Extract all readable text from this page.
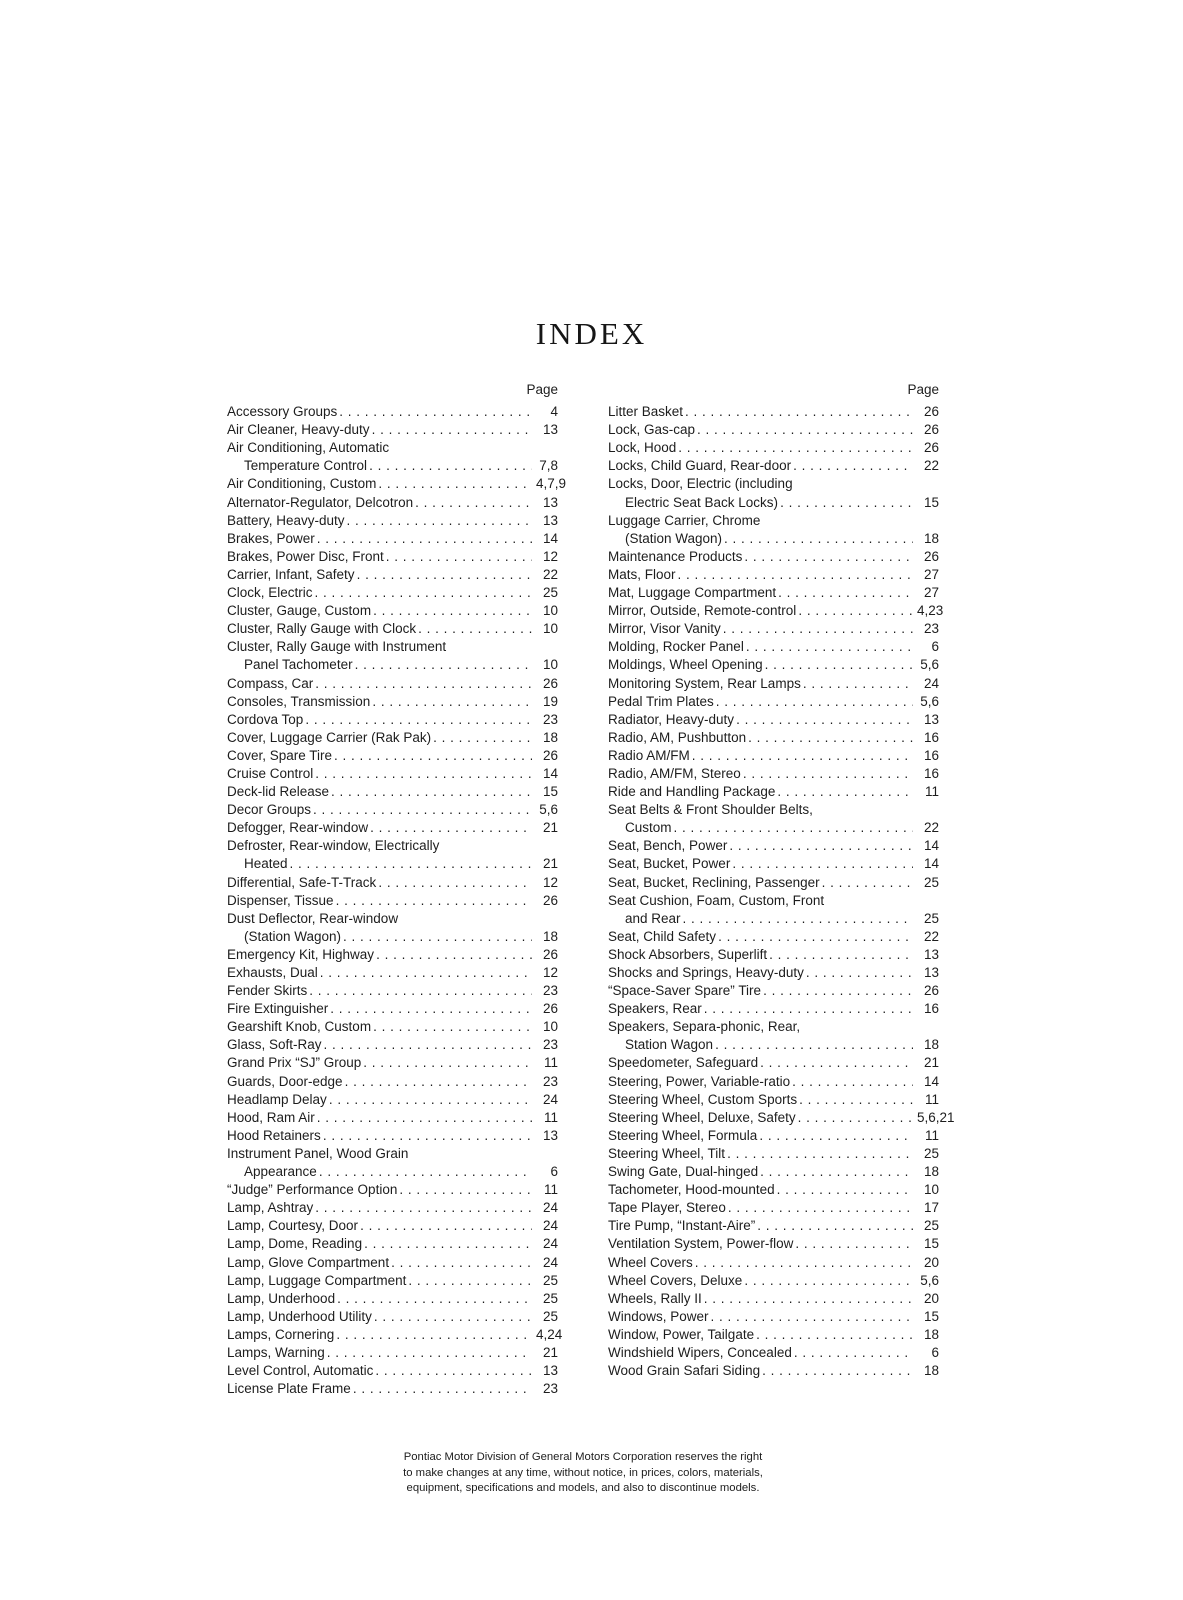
INDEX
Page
Accessory Groups . . .	4
Air Cleaner, Heavy-duty . . .	13
Air Conditioning, Automatic
Temperature Control . . .	7,8
Air Conditioning, Custom . . .	4,7,9
Alternator-Regulator, Delcotron . . .	13
Battery, Heavy-duty . . .	13
Brakes, Power . . .	14
Brakes, Power Disc, Front . . .	12
Carrier, Infant, Safety . . .	22
Clock, Electric . . .	25
Cluster, Gauge, Custom . . .	10
Cluster, Rally Gauge with Clock . . .	10
Cluster, Rally Gauge with Instrument
Panel Tachometer . . .	10
Compass, Car . . .	26
Consoles, Transmission . . .	19
Cordova Top . . .	23
Cover, Luggage Carrier (Rak Pak) . . .	18
Cover, Spare Tire . . .	26
Cruise Control . . .	14
Deck-lid Release . . .	15
Decor Groups . . .	5,6
Defogger, Rear-window . . .	21
Defroster, Rear-window, Electrically
Heated . . .	21
Differential, Safe-T-Track . . .	12
Dispenser, Tissue . . .	26
Dust Deflector, Rear-window
(Station Wagon) . . .	18
Emergency Kit, Highway . . .	26
Exhausts, Dual . . .	12
Fender Skirts . . .	23
Fire Extinguisher . . .	26
Gearshift Knob, Custom . . .	10
Glass, Soft-Ray . . .	23
Grand Prix “SJ” Group . . .	11
Guards, Door-edge . . .	23
Headlamp Delay . . .	24
Hood, Ram Air . . .	11
Hood Retainers . . .	13
Instrument Panel, Wood Grain
Appearance . . .	6
“Judge” Performance Option . . .	11
Lamp, Ashtray . . .	24
Lamp, Courtesy, Door . . .	24
Lamp, Dome, Reading . . .	24
Lamp, Glove Compartment . . .	24
Lamp, Luggage Compartment . . .	25
Lamp, Underhood . . .	25
Lamp, Underhood Utility . . .	25
Lamps, Cornering . . .	4,24
Lamps, Warning . . .	21
Level Control, Automatic . . .	13
License Plate Frame . . .	23
Page
Litter Basket . . .	26
Lock, Gas-cap . . .	26
Lock, Hood . . .	26
Locks, Child Guard, Rear-door . . .	22
Locks, Door, Electric (including
Electric Seat Back Locks) . . .	15
Luggage Carrier, Chrome
(Station Wagon) . . .	18
Maintenance Products . . .	26
Mats, Floor . . .	27
Mat, Luggage Compartment . . .	27
Mirror, Outside, Remote-control . . .	4,23
Mirror, Visor Vanity . . .	23
Molding, Rocker Panel . . .	6
Moldings, Wheel Opening . . .	5,6
Monitoring System, Rear Lamps . . .	24
Pedal Trim Plates . . .	5,6
Radiator, Heavy-duty . . .	13
Radio, AM, Pushbutton . . .	16
Radio AM/FM . . .	16
Radio, AM/FM, Stereo . . .	16
Ride and Handling Package . . .	11
Seat Belts & Front Shoulder Belts,
Custom . . .	22
Seat, Bench, Power . . .	14
Seat, Bucket, Power . . .	14
Seat, Bucket, Reclining, Passenger . . .	25
Seat Cushion, Foam, Custom, Front
and Rear . . .	25
Seat, Child Safety . . .	22
Shock Absorbers, Superlift . . .	13
Shocks and Springs, Heavy-duty . . .	13
“Space-Saver Spare” Tire . . .	26
Speakers, Rear . . .	16
Speakers, Separa-phonic, Rear,
Station Wagon . . .	18
Speedometer, Safeguard . . .	21
Steering, Power, Variable-ratio . . .	14
Steering Wheel, Custom Sports . . .	11
Steering Wheel, Deluxe, Safety . . .	5,6,21
Steering Wheel, Formula . . .	11
Steering Wheel, Tilt . . .	25
Swing Gate, Dual-hinged . . .	18
Tachometer, Hood-mounted . . .	10
Tape Player, Stereo . . .	17
Tire Pump, “Instant-Aire” . . .	25
Ventilation System, Power-flow . . .	15
Wheel Covers . . .	20
Wheel Covers, Deluxe . . .	5,6
Wheels, Rally II . . .	20
Windows, Power . . .	15
Window, Power, Tailgate . . .	18
Windshield Wipers, Concealed . . .	6
Wood Grain Safari Siding . . .	18
Pontiac Motor Division of General Motors Corporation reserves the right
to make changes at any time, without notice, in prices, colors, materials,
equipment, specifications and models, and also to discontinue models.
